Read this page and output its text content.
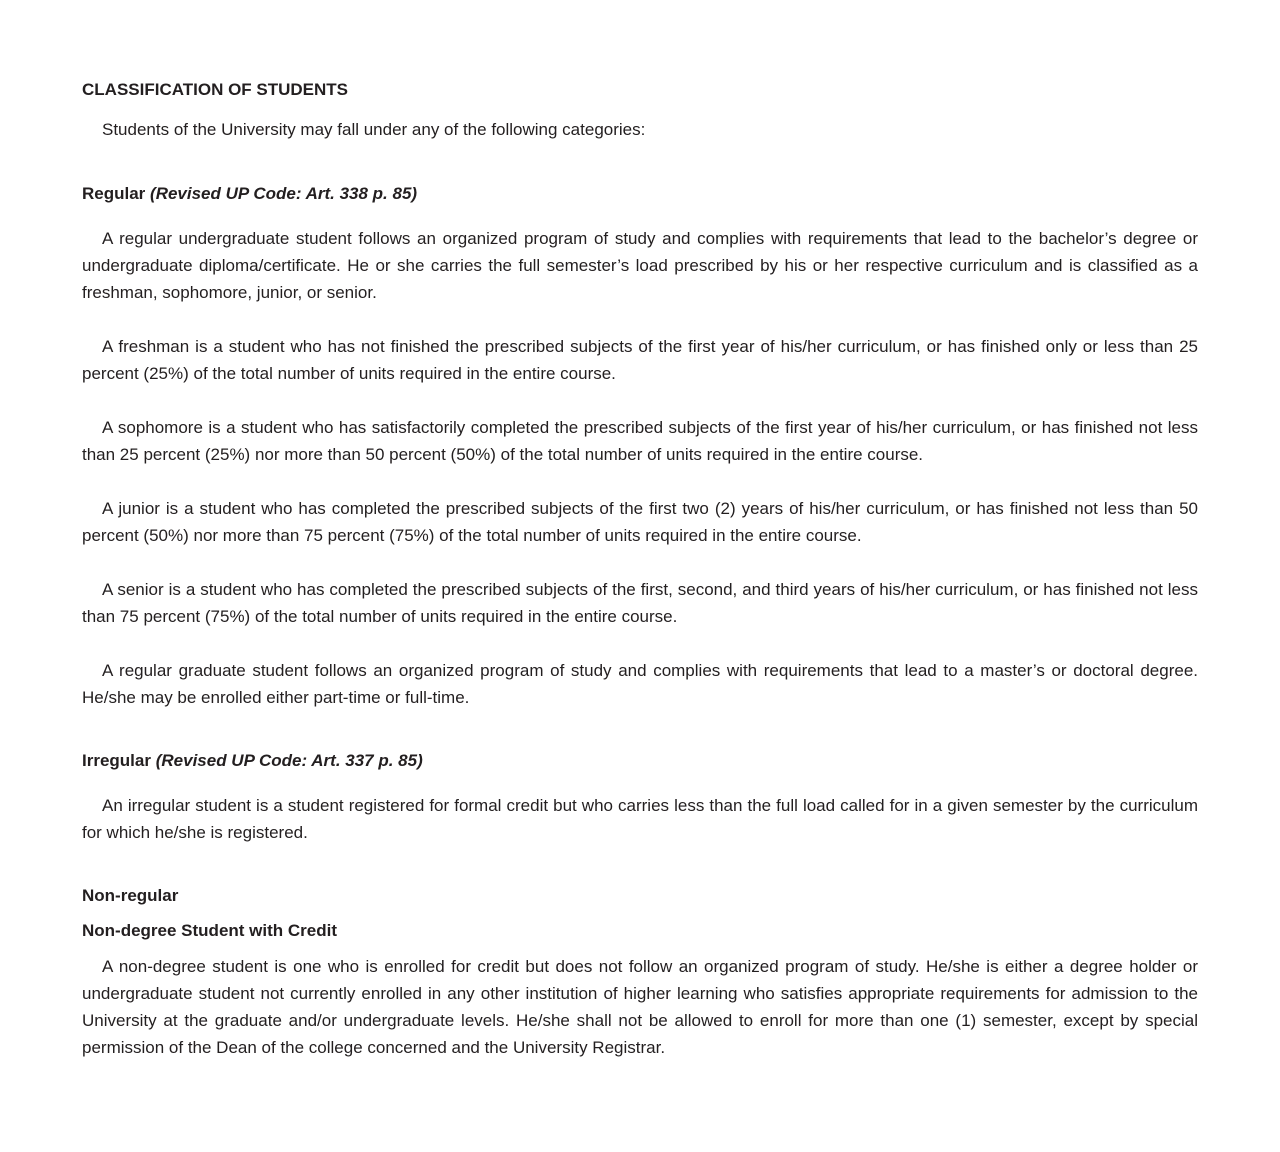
CLASSIFICATION OF STUDENTS

Students of the University may fall under any of the following categories:

Regular (Revised UP Code: Art. 338 p. 85)

A regular undergraduate student follows an organized program of study and complies with requirements that lead to the bachelor’s degree or undergraduate diploma/certificate. He or she carries the full semester’s load prescribed by his or her respective curriculum and is classified as a freshman, sophomore, junior, or senior.

A freshman is a student who has not finished the prescribed subjects of the first year of his/her curriculum, or has finished only or less than 25 percent (25%) of the total number of units required in the entire course.

A sophomore is a student who has satisfactorily completed the prescribed subjects of the first year of his/her curriculum, or has finished not less than 25 percent (25%) nor more than 50 percent (50%) of the total number of units required in the entire course.

A junior is a student who has completed the prescribed subjects of the first two (2) years of his/her curriculum, or has finished not less than 50 percent (50%) nor more than 75 percent (75%) of the total number of units required in the entire course.

A senior is a student who has completed the prescribed subjects of the first, second, and third years of his/her curriculum, or has finished not less than 75 percent (75%) of the total number of units required in the entire course.

A regular graduate student follows an organized program of study and complies with requirements that lead to a master’s or doctoral degree. He/she may be enrolled either part-time or full-time.

Irregular (Revised UP Code: Art. 337 p. 85)

An irregular student is a student registered for formal credit but who carries less than the full load called for in a given semester by the curriculum for which he/she is registered.

Non-regular
Non-degree Student with Credit

A non-degree student is one who is enrolled for credit but does not follow an organized program of study. He/she is either a degree holder or undergraduate student not currently enrolled in any other institution of higher learning who satisfies appropriate requirements for admission to the University at the graduate and/or undergraduate levels. He/she shall not be allowed to enroll for more than one (1) semester, except by special permission of the Dean of the college concerned and the University Registrar.
